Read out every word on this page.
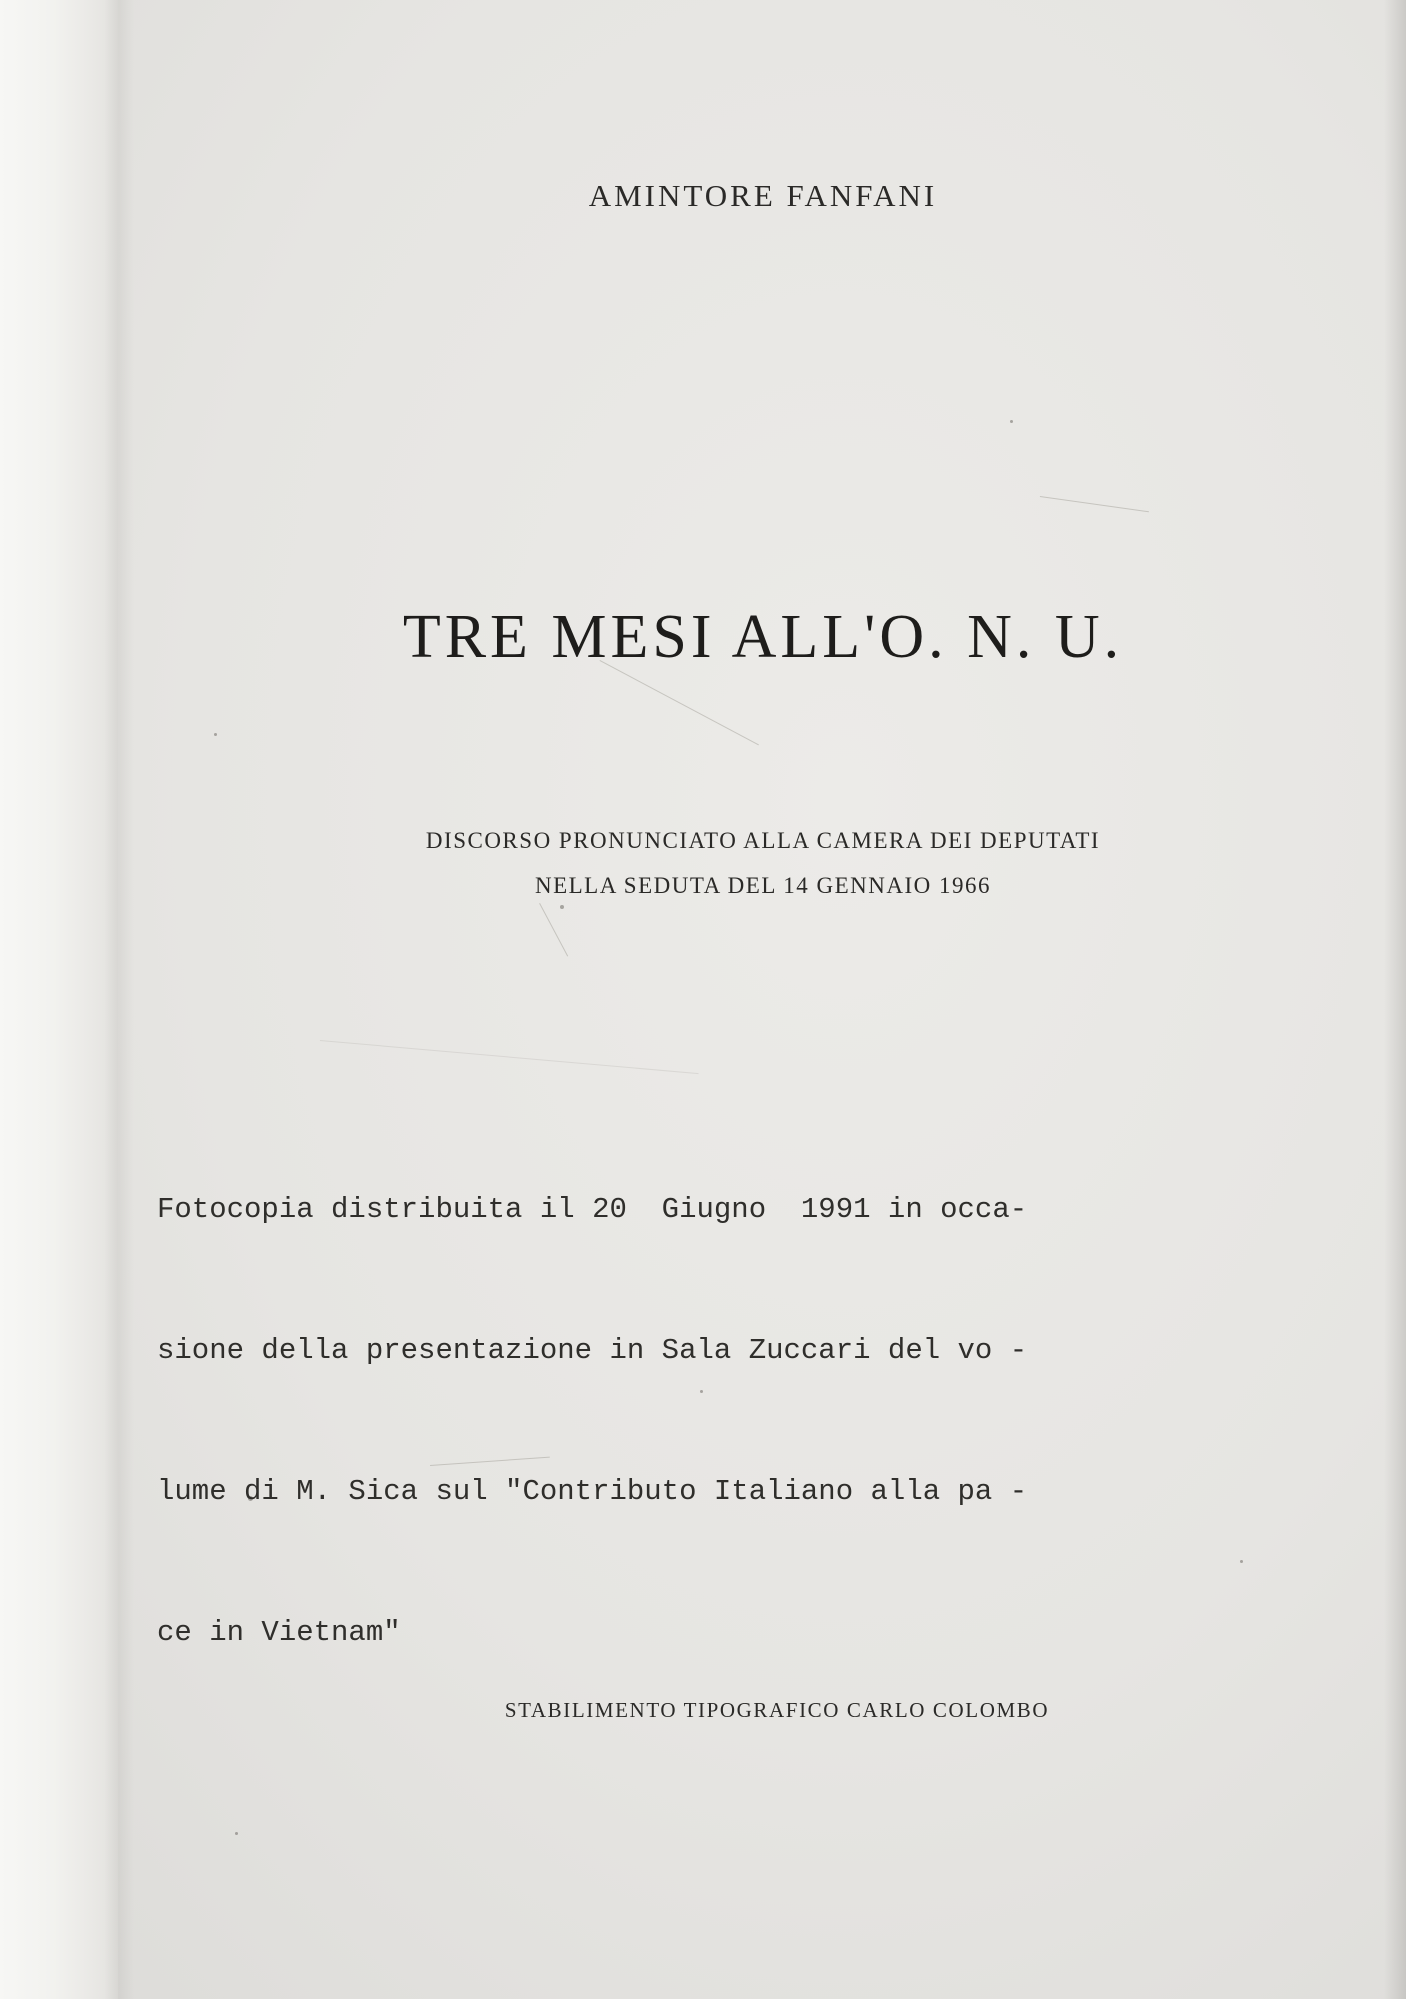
AMINTORE FANFANI
TRE MESI ALL'O. N. U.
DISCORSO PRONUNCIATO ALLA CAMERA DEI DEPUTATI
NELLA SEDUTA DEL 14 GENNAIO 1966

Fotocopia distribuita il 20  Giugno  1991 in occa-

sione della presentazione in Sala Zuccari del vo -

lume di M. Sica sul "Contributo Italiano alla pa -

ce in Vietnam"

STABILIMENTO TIPOGRAFICO CARLO COLOMBO
